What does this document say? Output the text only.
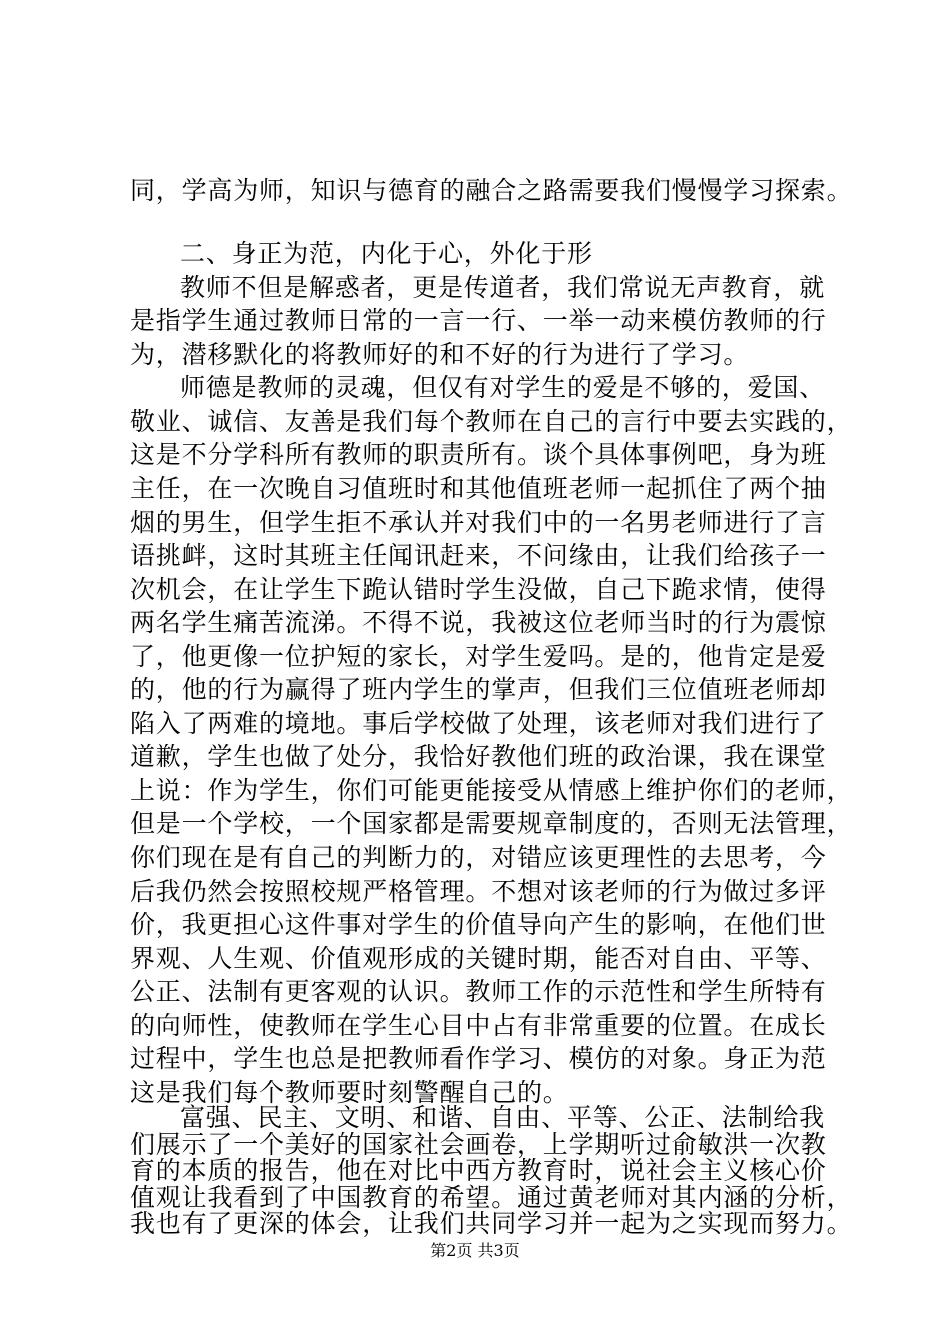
同，学高为师，知识与德育的融合之路需要我们慢慢学习探索。
二、身正为范，内化于心，外化于形
教师不但是解惑者，更是传道者，我们常说无声教育，就
是指学生通过教师日常的一言一行、一举一动来模仿教师的行
为，潜移默化的将教师好的和不好的行为进行了学习。
师德是教师的灵魂，但仅有对学生的爱是不够的，爱国、
敬业、诚信、友善是我们每个教师在自己的言行中要去实践的，
这是不分学科所有教师的职责所有。谈个具体事例吧，身为班
主任，在一次晚自习值班时和其他值班老师一起抓住了两个抽
烟的男生，但学生拒不承认并对我们中的一名男老师进行了言
语挑衅，这时其班主任闻讯赶来，不问缘由，让我们给孩子一
次机会，在让学生下跪认错时学生没做，自己下跪求情，使得
两名学生痛苦流涕。不得不说，我被这位老师当时的行为震惊
了，他更像一位护短的家长，对学生爱吗。是的，他肯定是爱
的，他的行为赢得了班内学生的掌声，但我们三位值班老师却
陷入了两难的境地。事后学校做了处理，该老师对我们进行了
道歉，学生也做了处分，我恰好教他们班的政治课，我在课堂
上说：作为学生，你们可能更能接受从情感上维护你们的老师，
但是一个学校，一个国家都是需要规章制度的，否则无法管理，
你们现在是有自己的判断力的，对错应该更理性的去思考，今
后我仍然会按照校规严格管理。不想对该老师的行为做过多评
价，我更担心这件事对学生的价值导向产生的影响，在他们世
界观、人生观、价值观形成的关键时期，能否对自由、平等、
公正、法制有更客观的认识。教师工作的示范性和学生所特有
的向师性，使教师在学生心目中占有非常重要的位置。在成长
过程中，学生也总是把教师看作学习、模仿的对象。身正为范
这是我们每个教师要时刻警醒自己的。
富强、民主、文明、和谐、自由、平等、公正、法制给我
们展示了一个美好的国家社会画卷，上学期听过俞敏洪一次教
育的本质的报告，他在对比中西方教育时，说社会主义核心价
值观让我看到了中国教育的希望。通过黄老师对其内涵的分析，
第2页 共3页
我也有了更深的体会，让我们共同学习并一起为之实现而努力。
